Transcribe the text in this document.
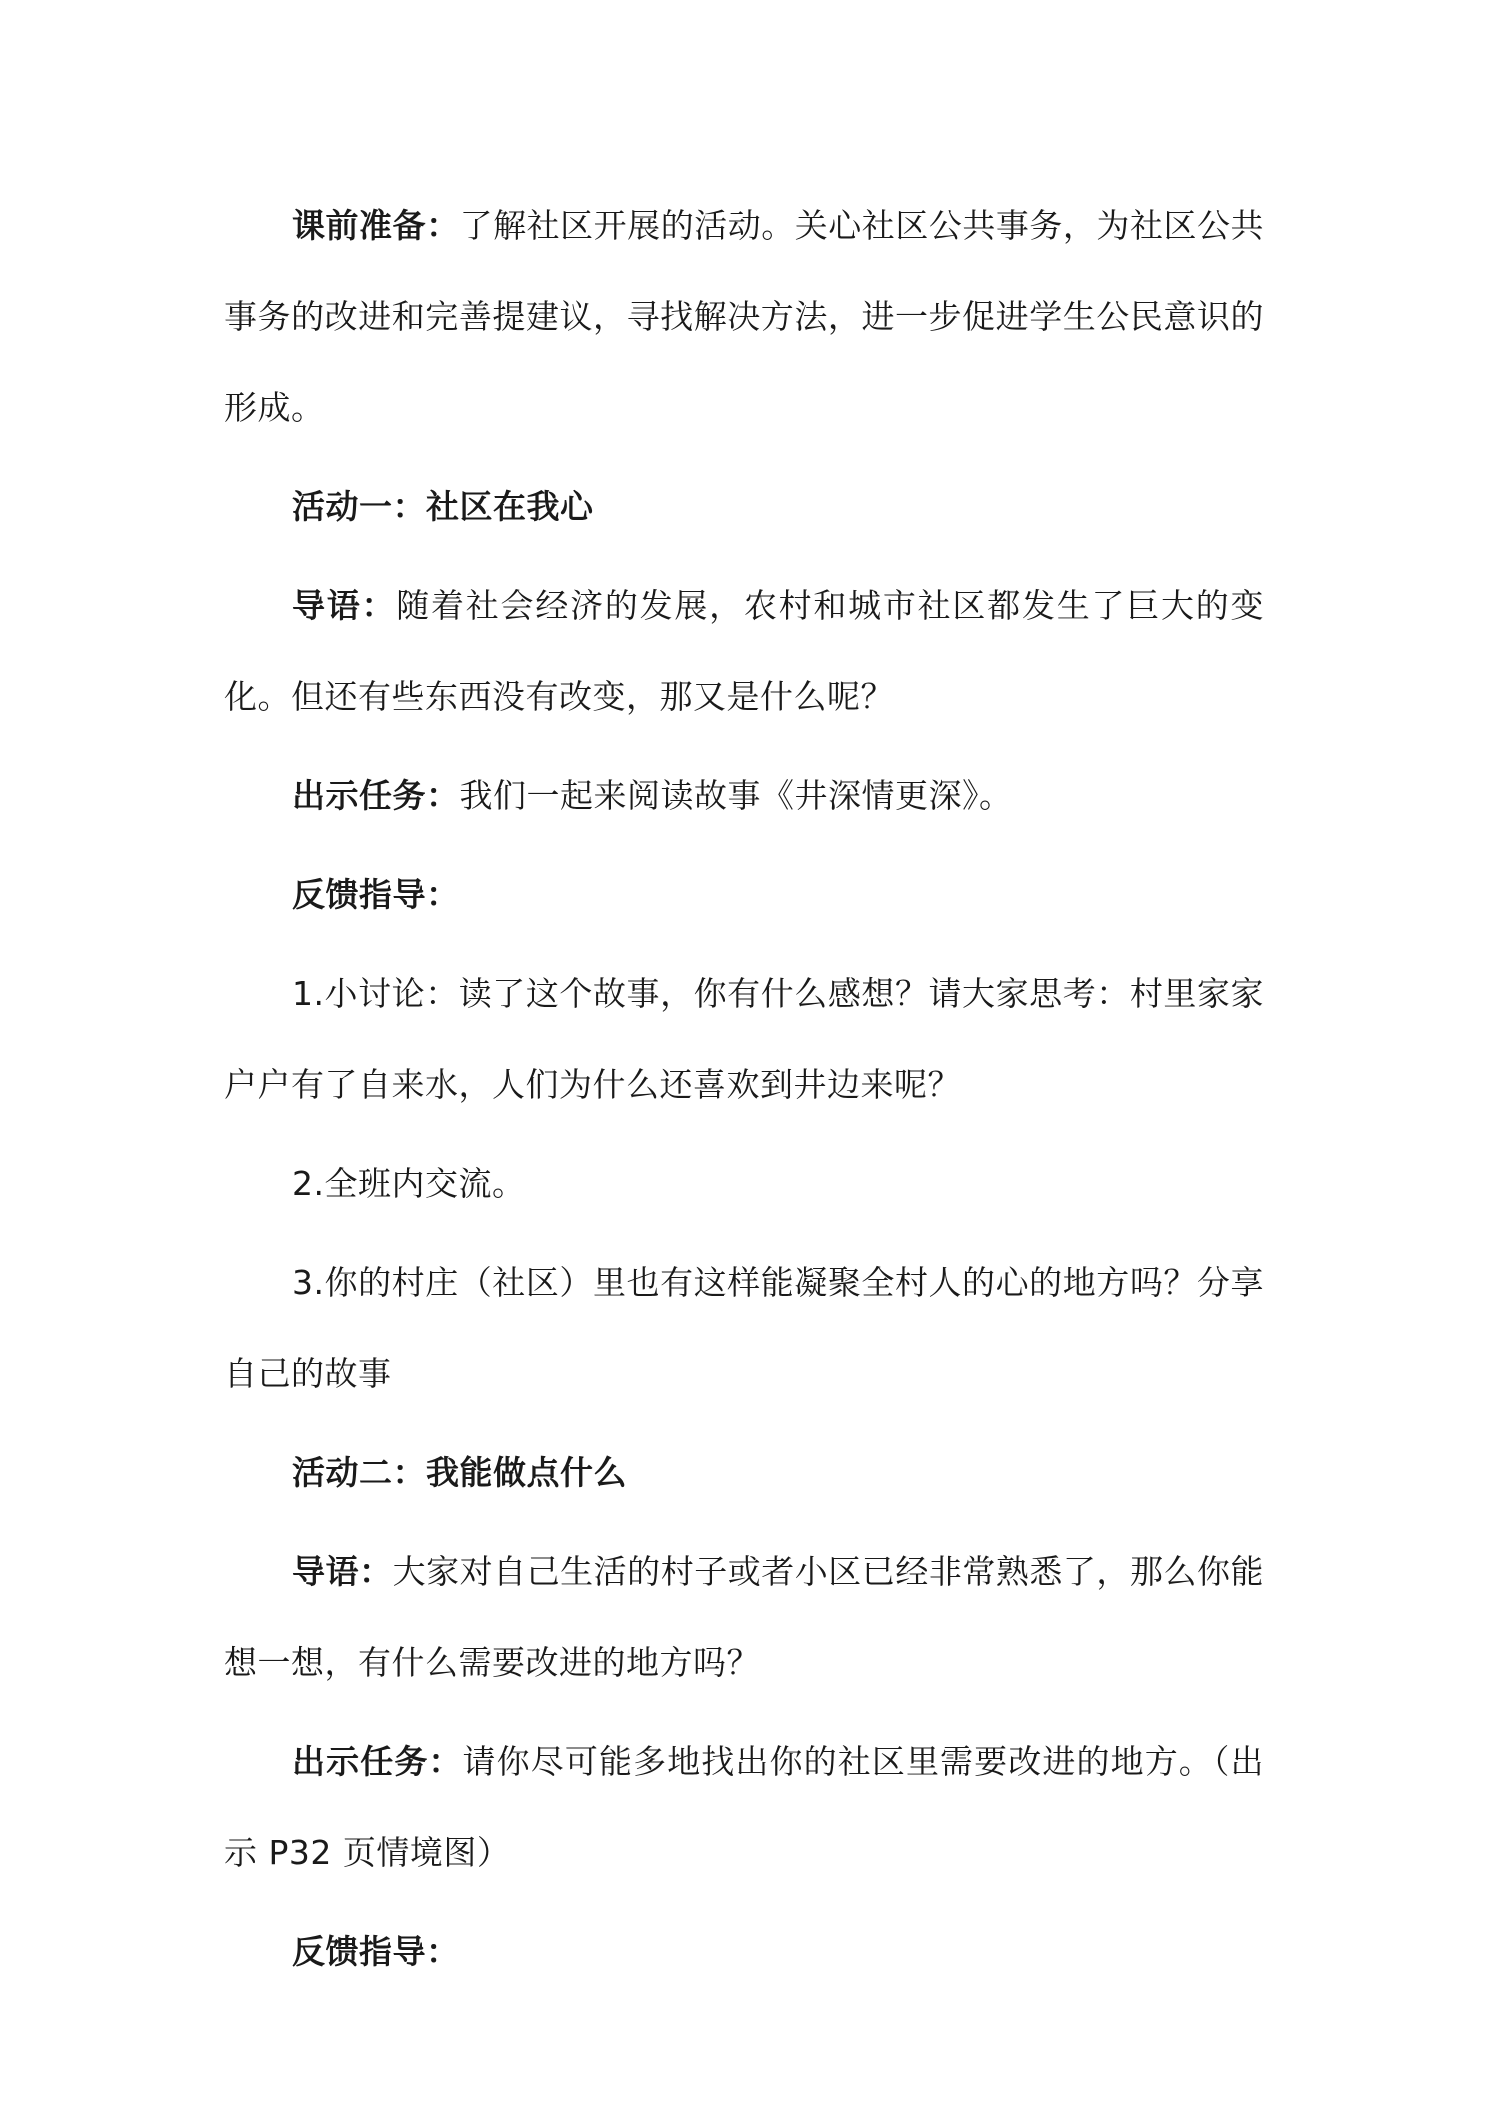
课前准备：了解社区开展的活动。关心社区公共事务，为社区公共事务的改进和完善提建议，寻找解决方法，进一步促进学生公民意识的形成。

活动一：社区在我心

导语：随着社会经济的发展，农村和城市社区都发生了巨大的变化。但还有些东西没有改变，那又是什么呢？

出示任务：我们一起来阅读故事《井深情更深》。

反馈指导：

1.小讨论：读了这个故事，你有什么感想？请大家思考：村里家家户户有了自来水，人们为什么还喜欢到井边来呢？

2.全班内交流。

3.你的村庄（社区）里也有这样能凝聚全村人的心的地方吗？分享自己的故事

活动二：我能做点什么

导语：大家对自己生活的村子或者小区已经非常熟悉了，那么你能想一想，有什么需要改进的地方吗？

出示任务：请你尽可能多地找出你的社区里需要改进的地方。（出示 P32 页情境图）

反馈指导：
